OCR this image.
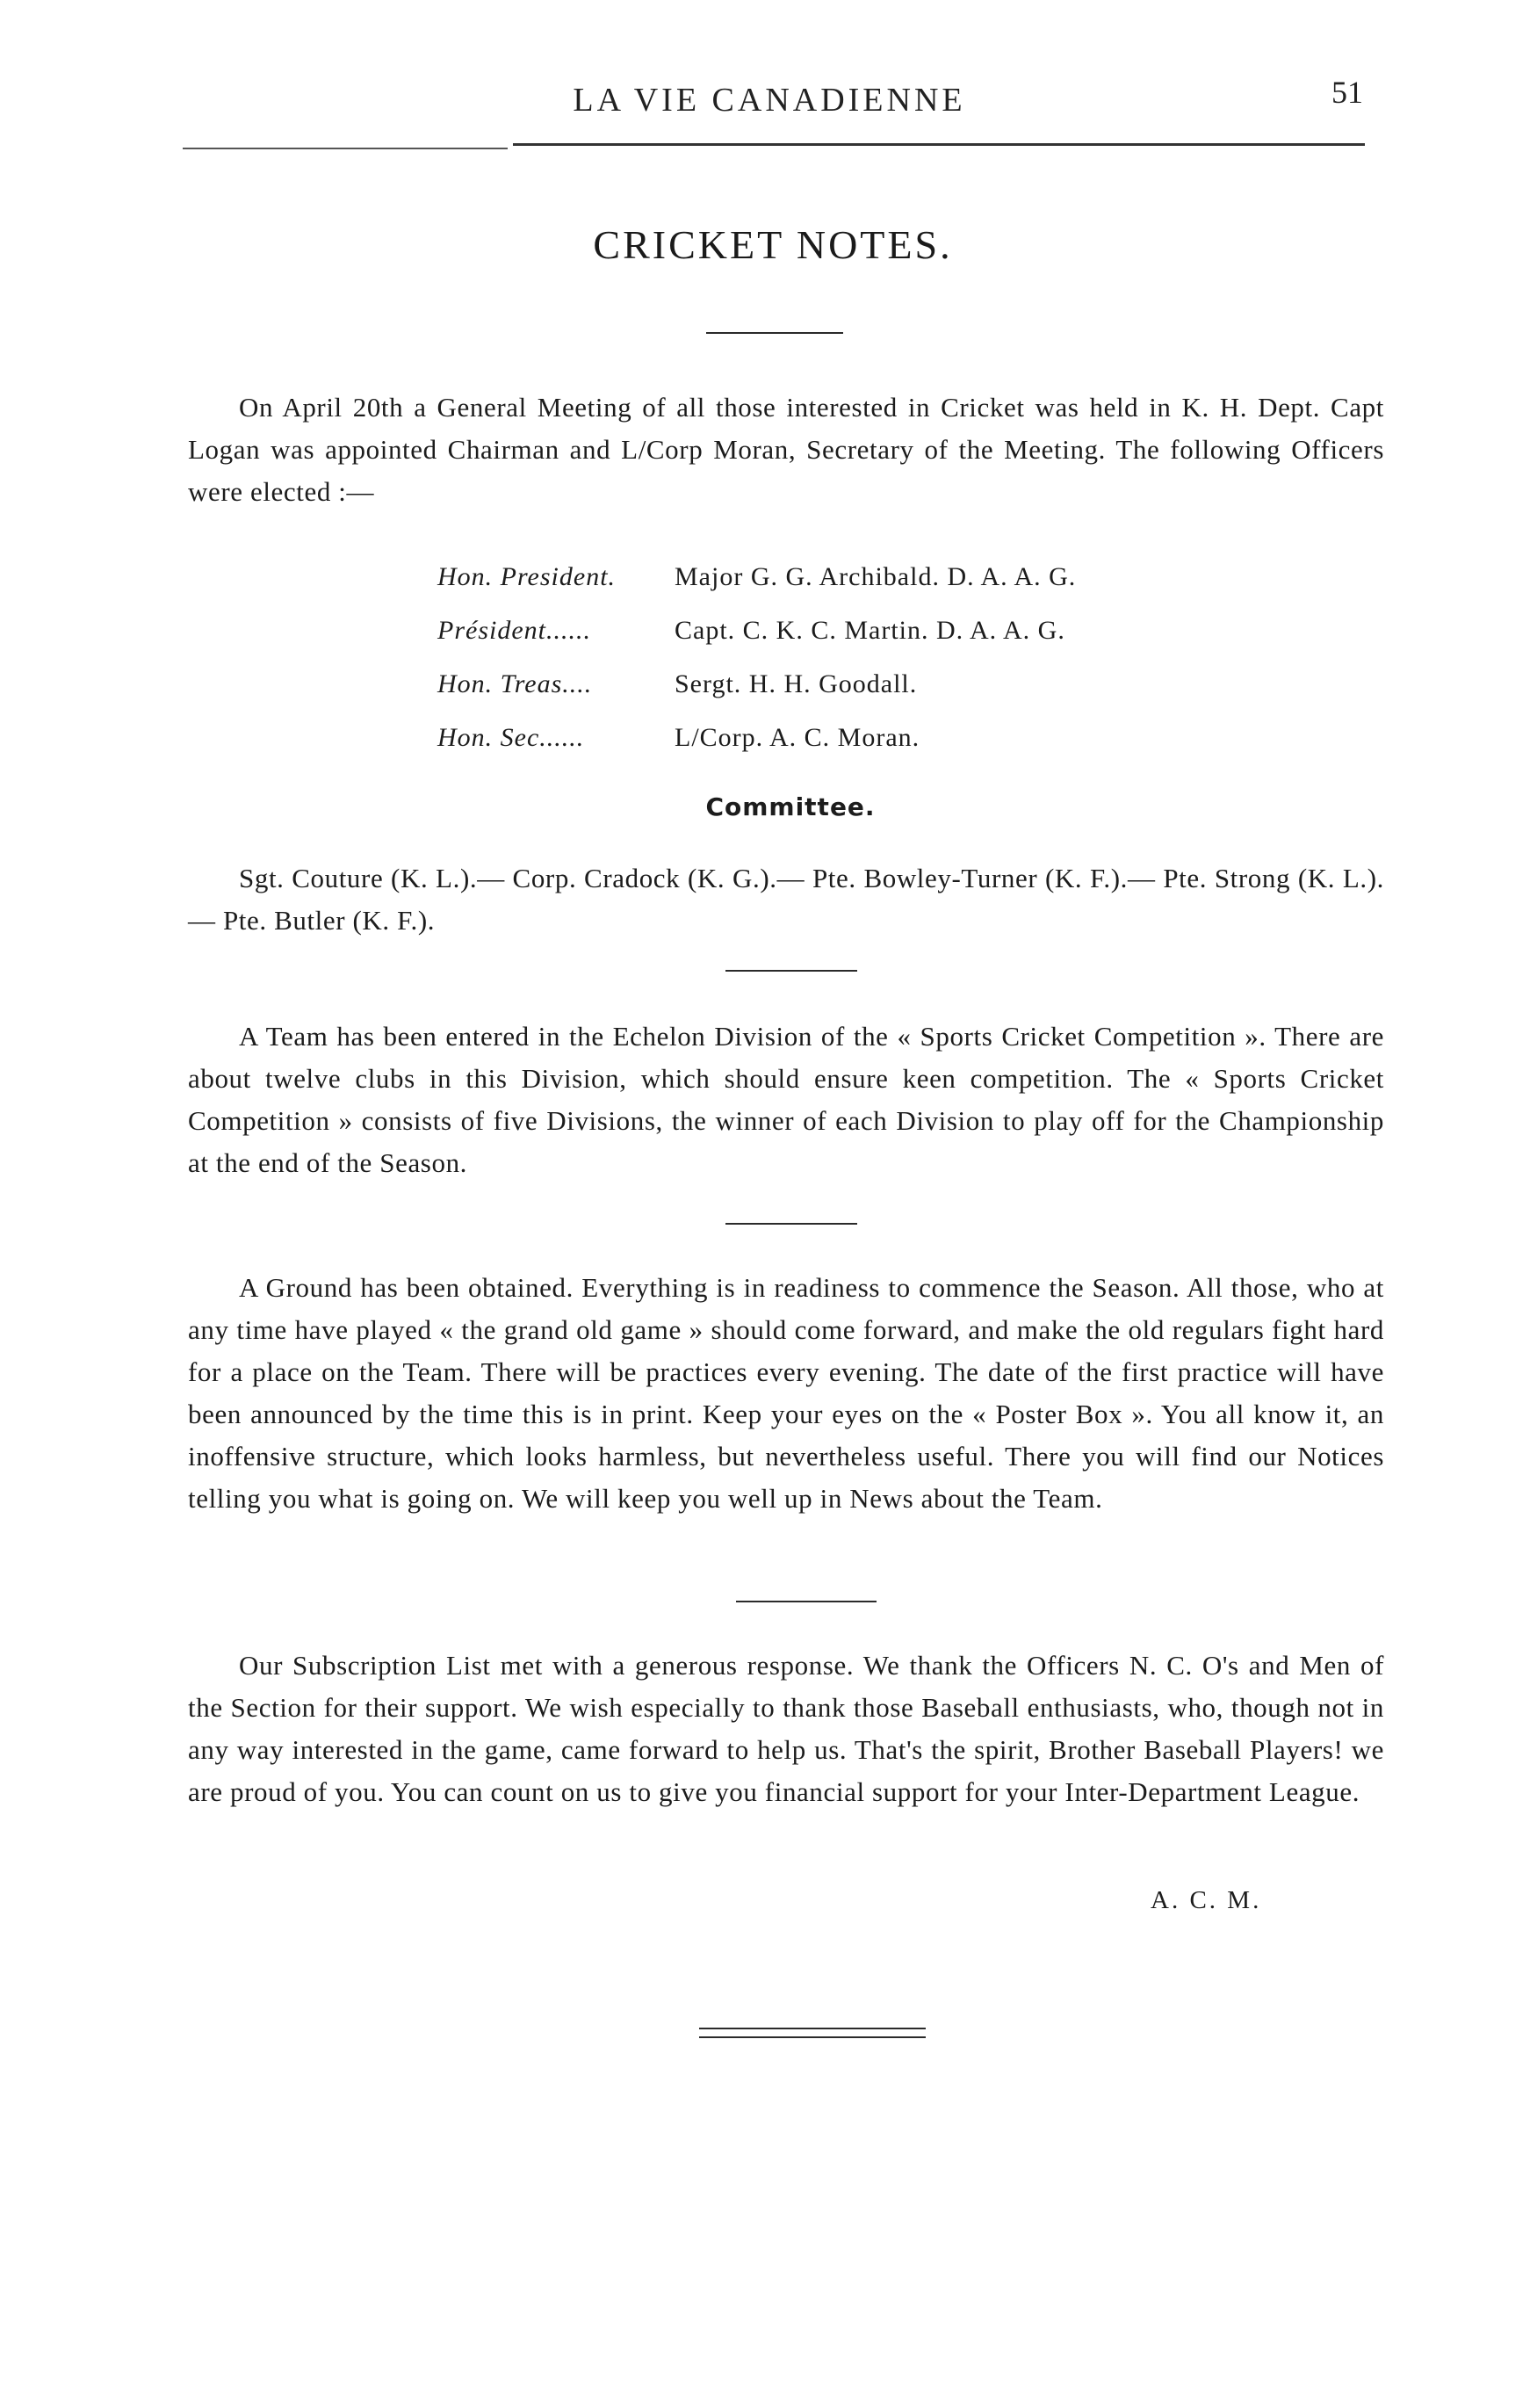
LA VIE CANADIENNE	51
CRICKET NOTES.

On April 20th a General Meeting of all those interested in Cricket was held in K. H. Dept. Capt Logan was appointed Chairman and L/Corp Moran, Secretary of the Meeting. The following Officers were elected :—

Hon. President.	Major G. G. Archibald. D. A. A. G.
Président......	Capt. C. K. C. Martin. D. A. A. G.
Hon. Treas....	Sergt. H. H. Goodall.
Hon. Sec......	L/Corp. A. C. Moran.
Committee.

Sgt. Couture (K. L.).— Corp. Cradock (K. G.).— Pte. Bowley-Turner (K. F.).— Pte. Strong (K. L.).— Pte. Butler (K. F.).

A Team has been entered in the Echelon Division of the « Sports Cricket Competition ». There are about twelve clubs in this Division, which should ensure keen competition. The « Sports Cricket Competition » consists of five Divisions, the winner of each Division to play off for the Championship at the end of the Season.

A Ground has been obtained. Everything is in readiness to commence the Season. All those, who at any time have played « the grand old game » should come forward, and make the old regulars fight hard for a place on the Team. There will be practices every evening. The date of the first practice will have been announced by the time this is in print. Keep your eyes on the « Poster Box ». You all know it, an inoffensive structure, which looks harmless, but nevertheless useful. There you will find our Notices telling you what is going on. We will keep you well up in News about the Team.

Our Subscription List met with a generous response. We thank the Officers N. C. O's and Men of the Section for their support. We wish especially to thank those Baseball enthusiasts, who, though not in any way interested in the game, came forward to help us. That's the spirit, Brother Baseball Players! we are proud of you. You can count on us to give you financial support for your Inter-Department League.

A. C. M.
